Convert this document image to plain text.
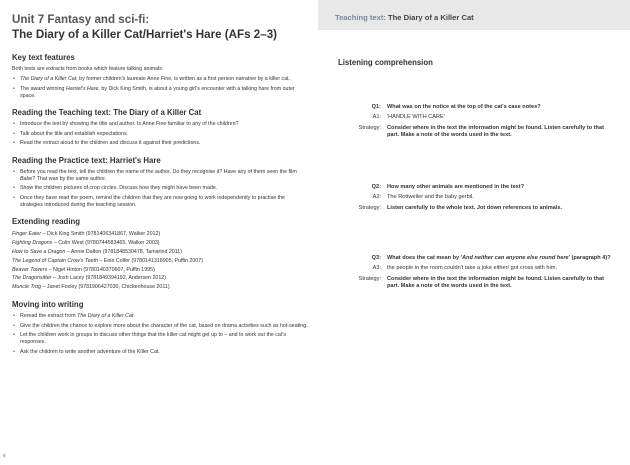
Unit 7 Fantasy and sci-fi:
The Diary of a Killer Cat/Harriet's Hare (AFs 2–3)
Key text features
Both texts are extracts from books which feature talking animals:
• The Diary of a Killer Cat, by former children's laureate Anne Fine, is written as a first person narrative by a killer cat.
• The award winning Harriet's Hare, by Dick King Smith, is about a young girl's encounter with a talking hare from outer space.
Reading the Teaching text: The Diary of a Killer Cat
• Introduce the text by showing the title and author. Is Anne Fine familiar to any of the children?
• Talk about the title and establish expectations.
• Read the extract aloud to the children and discuss it against their predictions.
Reading the Practice text: Harriet's Hare
• Before you read the text, tell the children the name of the author. Do they recognise it? Have any of them seen the film Babe? That was by the same author.
• Show the children pictures of crop circles. Discuss how they might have been made.
• Once they have read the poem, remind the children that they are now going to work independently to practise the strategies introduced during the teaching session.
Extending reading
Finger Eater – Dick King Smith (9781406341867, Walker 2012)
Fighting Dragons – Colin West (9780744583465, Walker 2003)
How to Save a Dragon – Annie Dalton (9781848530478, Tamarind 2011)
The Legend of Captain Crow's Teeth – Eoin Colfer (9780141318905, Puffin 2007)
Beaver Towers – Nigel Hinton (9780140370607, Puffin 1995)
The Dragonsitter – Josh Lacey (9781849394192, Andersen 2012)
Muncle Trog – Janet Foxley (9781906427030, Chickenhouse 2011)
Moving into writing
• Reread the extract from The Diary of a Killer Cat.
• Give the children the chance to explore more about the character of the cat, based on drama activities such as hot-seating.
• Let the children work in groups to discuss other things that the killer cat might get up to – and to work out the cat's responses.
• Ask the children to write another adventure of the Killer Cat.
6
Teaching text: The Diary of a Killer Cat
Listening comprehension
Q1:	What was on the notice at the top of the cat's case notes?
A1:	'HANDLE WITH CARE'
Strategy:	Consider where in the text the information might be found. Listen carefully to that part. Make a note of the words used in the text.
Q2:	How many other animals are mentioned in the text?
A2:	The Rottweiler and the baby gerbil.
Strategy:	Listen carefully to the whole text. Jot down references to animals.
Q3:	What does the cat mean by 'And neither can anyone else round here' (paragraph 4)?
A3:	the people in the room couldn't take a joke either/ got cross with him.
Strategy:	Consider where in the text the information might be found. Listen carefully to that part. Make a note of the words used in the text.
